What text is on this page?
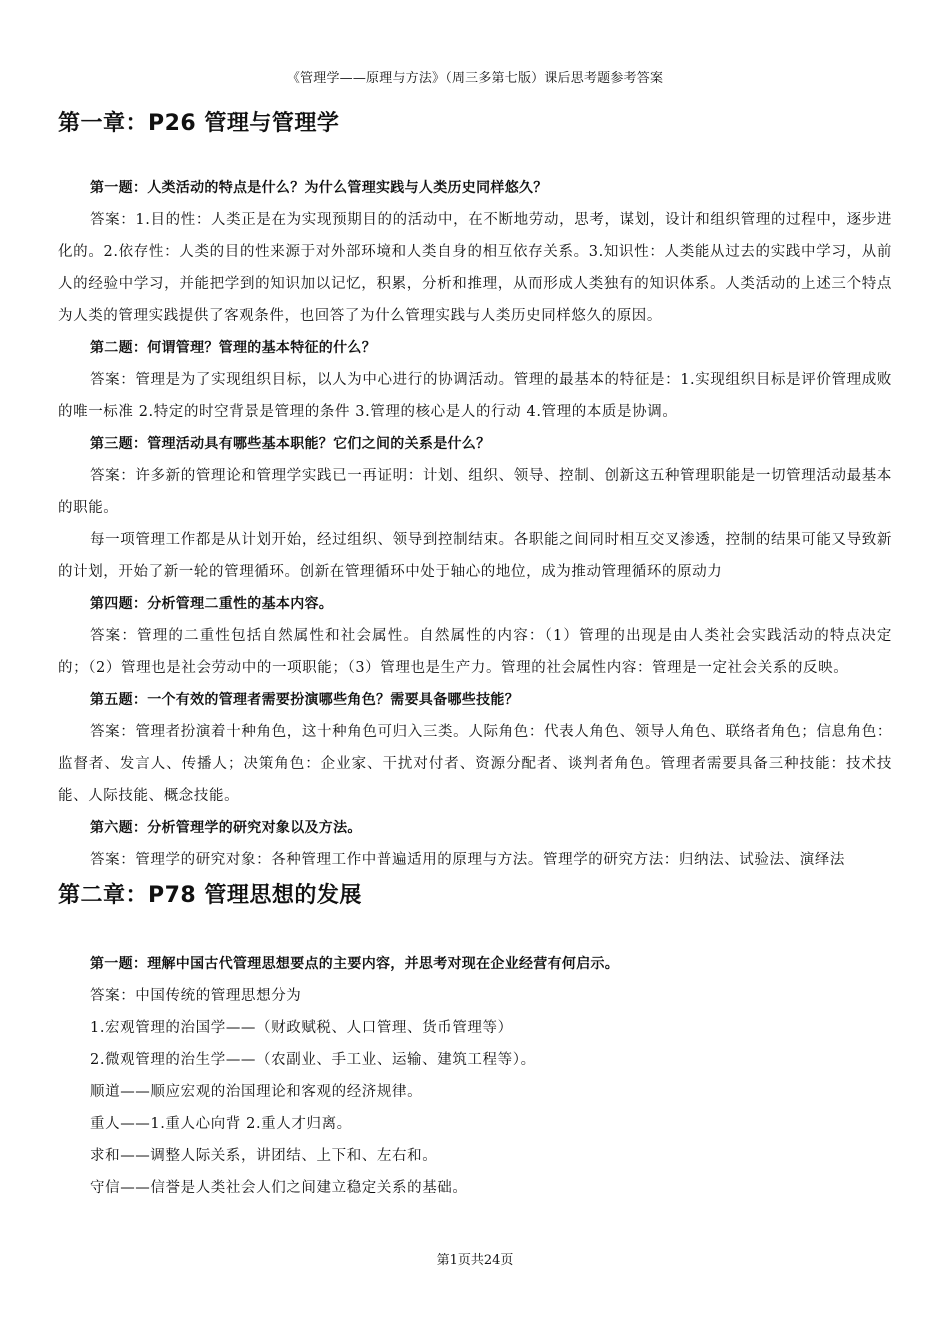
《管理学——原理与方法》（周三多第七版）课后思考题参考答案
第一章：P26 管理与管理学

第一题：人类活动的特点是什么？为什么管理实践与人类历史同样悠久？

答案：1.目的性：人类正是在为实现预期目的的活动中，在不断地劳动，思考，谋划，设计和组织管理的过程中，逐步进化的。2.依存性：人类的目的性来源于对外部环境和人类自身的相互依存关系。3.知识性：人类能从过去的实践中学习，从前人的经验中学习，并能把学到的知识加以记忆，积累，分析和推理，从而形成人类独有的知识体系。人类活动的上述三个特点为人类的管理实践提供了客观条件，也回答了为什么管理实践与人类历史同样悠久的原因。

第二题：何谓管理？管理的基本特征的什么？

答案：管理是为了实现组织目标，以人为中心进行的协调活动。管理的最基本的特征是：1.实现组织目标是评价管理成败的唯一标准 2.特定的时空背景是管理的条件 3.管理的核心是人的行动 4.管理的本质是协调。

第三题：管理活动具有哪些基本职能？它们之间的关系是什么？

答案：许多新的管理论和管理学实践已一再证明：计划、组织、领导、控制、创新这五种管理职能是一切管理活动最基本的职能。

每一项管理工作都是从计划开始，经过组织、领导到控制结束。各职能之间同时相互交叉渗透，控制的结果可能又导致新的计划，开始了新一轮的管理循环。创新在管理循环中处于轴心的地位，成为推动管理循环的原动力

第四题：分析管理二重性的基本内容。

答案：管理的二重性包括自然属性和社会属性。自然属性的内容：（1）管理的出现是由人类社会实践活动的特点决定的；（2）管理也是社会劳动中的一项职能；（3）管理也是生产力。管理的社会属性内容：管理是一定社会关系的反映。

第五题：一个有效的管理者需要扮演哪些角色？需要具备哪些技能？

答案：管理者扮演着十种角色，这十种角色可归入三类。人际角色：代表人角色、领导人角色、联络者角色；信息角色：监督者、发言人、传播人；决策角色：企业家、干扰对付者、资源分配者、谈判者角色。管理者需要具备三种技能：技术技能、人际技能、概念技能。

第六题：分析管理学的研究对象以及方法。

答案：管理学的研究对象：各种管理工作中普遍适用的原理与方法。管理学的研究方法：归纳法、试验法、演绎法

第二章：P78 管理思想的发展

第一题：理解中国古代管理思想要点的主要内容，并思考对现在企业经营有何启示。

答案：中国传统的管理思想分为

1.宏观管理的治国学——（财政赋税、人口管理、货币管理等）

2.微观管理的治生学——（农副业、手工业、运输、建筑工程等）。

顺道——顺应宏观的治国理论和客观的经济规律。

重人——1.重人心向背 2.重人才归离。

求和——调整人际关系，讲团结、上下和、左右和。

守信——信誉是人类社会人们之间建立稳定关系的基础。

第1页共24页
